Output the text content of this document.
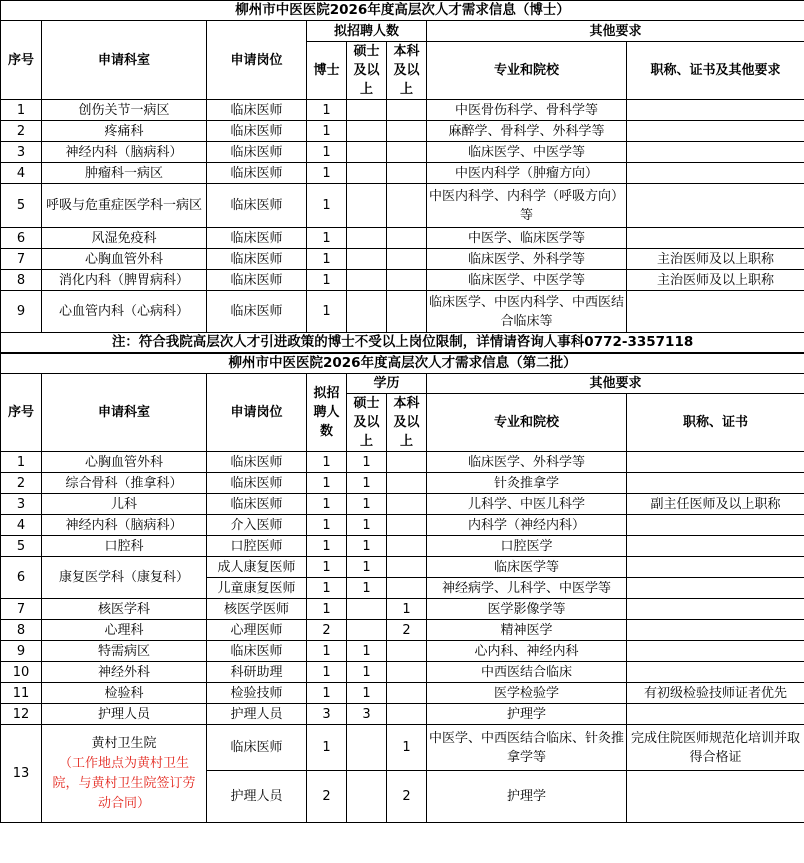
柳州市中医医院2026年度高层次人才需求信息（博士）							
序号	申请科室	申请岗位	拟招聘人数			其他要求	
			博士	硕士及以上	本科及以上	专业和院校	职称、证书及其他要求

1	创伤关节一病区	临床医师	1			中医骨伤科学、骨科学等	
2	疼痛科	临床医师	1			麻醉学、骨科学、外科学等	
3	神经内科（脑病科）	临床医师	1			临床医学、中医学等	
4	肿瘤科一病区	临床医师	1			中医内科学（肿瘤方向）	
5	呼吸与危重症医学科一病区	临床医师	1			中医内科学、内科学（呼吸方向）等	
6	风湿免疫科	临床医师	1			中医学、临床医学等	
7	心胸血管外科	临床医师	1			临床医学、外科学等	主治医师及以上职称
8	消化内科（脾胃病科）	临床医师	1			临床医学、中医学等	主治医师及以上职称
9	心血管内科（心病科）	临床医师	1			临床医学、中医内科学、中西医结合临床等	
注：符合我院高层次人才引进政策的博士不受以上岗位限制，详情请咨询人事科0772-3357118							
柳州市中医医院2026年度高层次人才需求信息（第二批）							
序号	申请科室	申请岗位	拟招聘人数	学历		其他要求	
				硕士及以上	本科及以上	专业和院校	职称、证书

1	心胸血管外科	临床医师	1	1		临床医学、外科学等	
2	综合骨科（推拿科）	临床医师	1	1		针灸推拿学	
3	儿科	临床医师	1	1		儿科学、中医儿科学	副主任医师及以上职称
4	神经内科（脑病科）	介入医师	1	1		内科学（神经内科）	
5	口腔科	口腔医师	1	1		口腔医学	
6	康复医学科（康复科）	成人康复医师	1	1		临床医学等	
		儿童康复医师	1	1		神经病学、儿科学、中医学等	
7	核医学科	核医学医师	1		1	医学影像学等	
8	心理科	心理医师	2		2	精神医学	
9	特需病区	临床医师	1	1		心内科、神经内科	
10	神经外科	科研助理	1	1		中西医结合临床	
11	检验科	检验技师	1	1		医学检验学	有初级检验技师证者优先
12	护理人员	护理人员	3	3		护理学	
13	黄村卫生院
（工作地点为黄村卫生院，与黄村卫生院签订劳动合同）	临床医师	1		1	中医学、中西医结合临床、针灸推拿学等	完成住院医师规范化培训并取得合格证
		护理人员	2		2	护理学	
